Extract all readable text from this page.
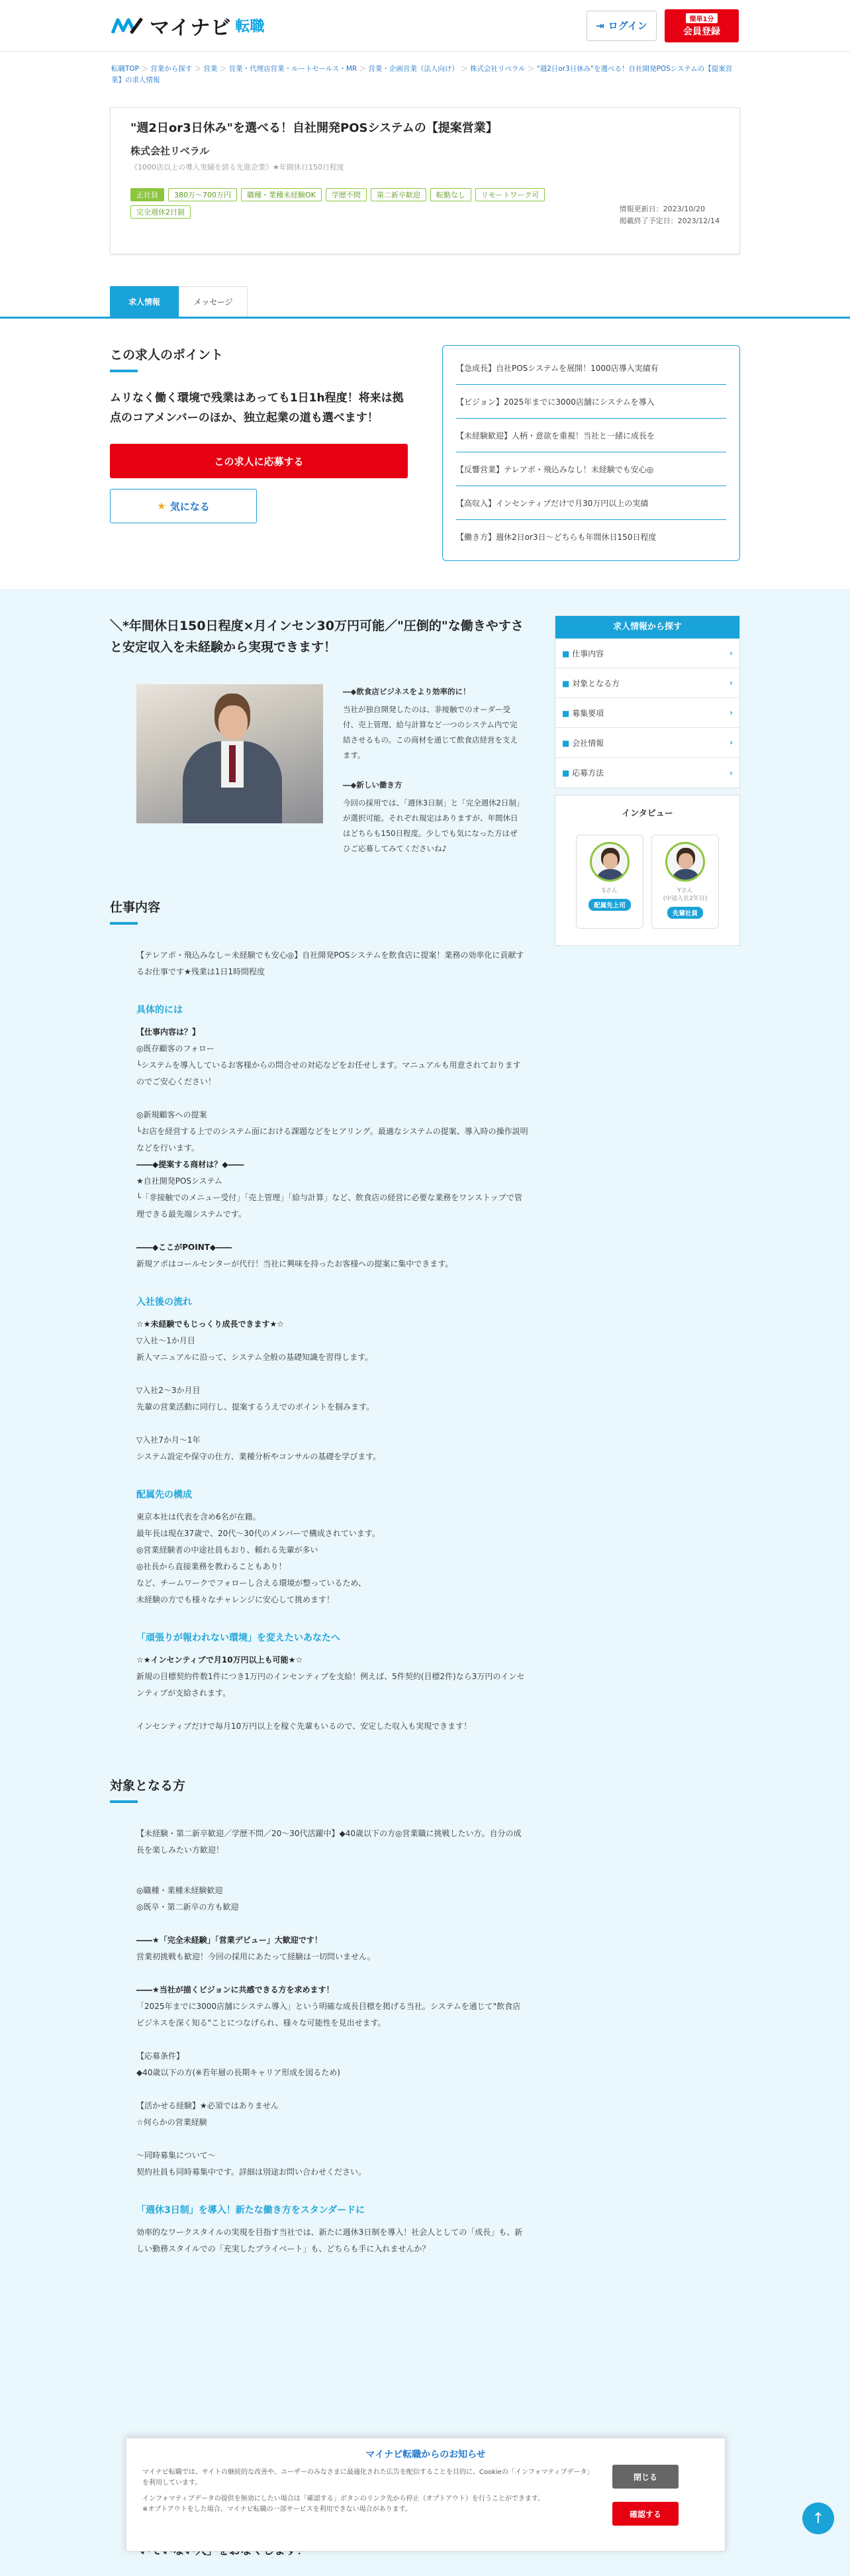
マイナビ 転職	⇥ ログイン
簡単1分
会員登録
転職TOP ＞ 営業から探す ＞ 営業 ＞ 営業・代理店営業・ルートセールス・MR ＞ 営業・企画営業（法人向け） ＞ 株式会社リベラル ＞ "週2日or3日休み"を選べる！自社開発POSシステムの【提案営業】の求人情報
"週2日or3日休み"を選べる！自社開発POSシステムの【提案営業】
株式会社リベラル
《1000店以上の導入実績を誇る先進企業》★年間休日150日程度
正社員	380万〜700万円	職種・業種未経験OK	学歴不問	第二新卒歓迎	転勤なし	リモートワーク可
完全週休2日制	情報更新日：2023/10/20
掲載終了予定日：2023/12/14
求人情報	メッセージ
この求人のポイント
ムリなく働く環境で残業はあっても1日1h程度！将来は拠点のコアメンバーのほか、独立起業の道も選べます！
この求人に応募する
★ 気になる
【急成長】自社POSシステムを展開！1000店導入実績有
【ビジョン】2025年までに3000店舗にシステムを導入
【未経験歓迎】人柄・意欲を重視！当社と一緒に成長を
【反響営業】テレアポ・飛込みなし！未経験でも安心◎
【高収入】インセンティブだけで月30万円以上の実績
【働き方】週休2日or3日〜どちらも年間休日150日程度
＼*年間休日150日程度×月インセン30万円可能／"圧倒的"な働きやすさと安定収入を未経験から実現できます！
―◆飲食店ビジネスをより効率的に！
当社が独自開発したのは、非接触でのオーダー受付、売上管理、給与計算など一つのシステム内で完結させるもの。この商材を通じて飲食店経営を支えます。
―◆新しい働き方
今回の採用では、「週休3日制」と「完全週休2日制」が選択可能。それぞれ規定はありますが、年間休日はどちらも150日程度。少しでも気になった方はぜひご応募してみてくださいね♪
仕事内容
【テレアポ・飛込みなし＝未経験でも安心◎】自社開発POSシステムを飲食店に提案！業務の効率化に貢献するお仕事です★残業は1日1時間程度
具体的には
【仕事内容は？】
◎既存顧客のフォロー
└システムを導入しているお客様からの問合せの対応などをお任せします。マニュアルも用意されておりますのでご安心ください！

◎新規顧客への提案
└お店を経営する上でのシステム面における課題などをヒアリング。最適なシステムの提案、導入時の操作説明などを行います。
――◆提案する商材は？◆――
★自社開発POSシステム
└「非接触でのメニュー受付」「売上管理」「給与計算」など、飲食店の経営に必要な業務をワンストップで管理できる最先端システムです。

――◆ここがPOINT◆――
新規アポはコールセンターが代行！当社に興味を持ったお客様への提案に集中できます。
入社後の流れ
☆★未経験でもじっくり成長できます★☆
▽入社〜1か月目
新人マニュアルに沿って、システム全般の基礎知識を習得します。

▽入社2〜3か月目
先輩の営業活動に同行し、提案するうえでのポイントを掴みます。

▽入社7か月〜1年
システム設定や保守の仕方、業種分析やコンサルの基礎を学びます。
配属先の構成
東京本社は代表を含め6名が在籍。
最年長は現在37歳で、20代〜30代のメンバーで構成されています。
◎営業経験者の中途社員もおり、頼れる先輩が多い
◎社長から直接業務を教わることもあり！
など、チームワークでフォローし合える環境が整っているため、
未経験の方でも様々なチャレンジに安心して挑めます！
「頑張りが報われない環境」を変えたいあなたへ
☆★インセンティブで月10万円以上も可能★☆
新規の目標契約件数1件につき1万円のインセンティブを支給！例えば、5件契約(目標2件)なら3万円のインセンティブが支給されます。

インセンティブだけで毎月10万円以上を稼ぐ先輩もいるので、安定した収入も実現できます！
対象となる方
【未経験・第二新卒歓迎／学歴不問／20〜30代活躍中】◆40歳以下の方◎営業職に挑戦したい方。自分の成長を楽しみたい方歓迎！
◎職種・業種未経験歓迎
◎既卒・第二新卒の方も歓迎

――★「完全未経験」「営業デビュー」大歓迎です！
営業初挑戦も歓迎！今回の採用にあたって経験は一切問いません。

――★当社が描くビジョンに共感できる方を求めます！
「2025年までに3000店舗にシステム導入」という明確な成長目標を掲げる当社。システムを通じて"飲食店ビジネスを深く知る"ことにつなげられ、様々な可能性を見出せます。

【応募条件】
◆40歳以下の方(※若年層の長期キャリア形成を図るため)

【活かせる経験】★必須ではありません
☆何らかの営業経験

〜同時募集について〜
契約社員も同時募集中です。詳細は別途お問い合わせください。
「週休3日制」を導入！新たな働き方をスタンダードに
効率的なワークスタイルの実現を目指す当社では、新たに週休3日制を導入！社会人としての「成長」も、新しい勤務スタイルでの「充実したプライベート」も、どちらも手に入れませんか？
求人情報から探す
■ 仕事内容	›
■ 対象となる方	›
■ 募集要項	›
■ 会社情報	›
■ 応募方法	›
インタビュー
Sさん
配属先上司
Yさん
(中途入社2年目)
先輩社員
マイナビ転職からのお知らせ
マイナビ転職では、サイトの継続的な改善や、ユーザーのみなさまに最適化された広告を配信することを目的に、Cookieの「インフォマティブデータ」を利用しています。
インフォマティブデータの提供を無効にしたい場合は「確認する」ボタンのリンク先から停止（オプトアウト）を行うことができます。
※オプトアウトをした場合、マイナビ転職の一部サービスを利用できない場合があります。
閉じる
確認する	↑
